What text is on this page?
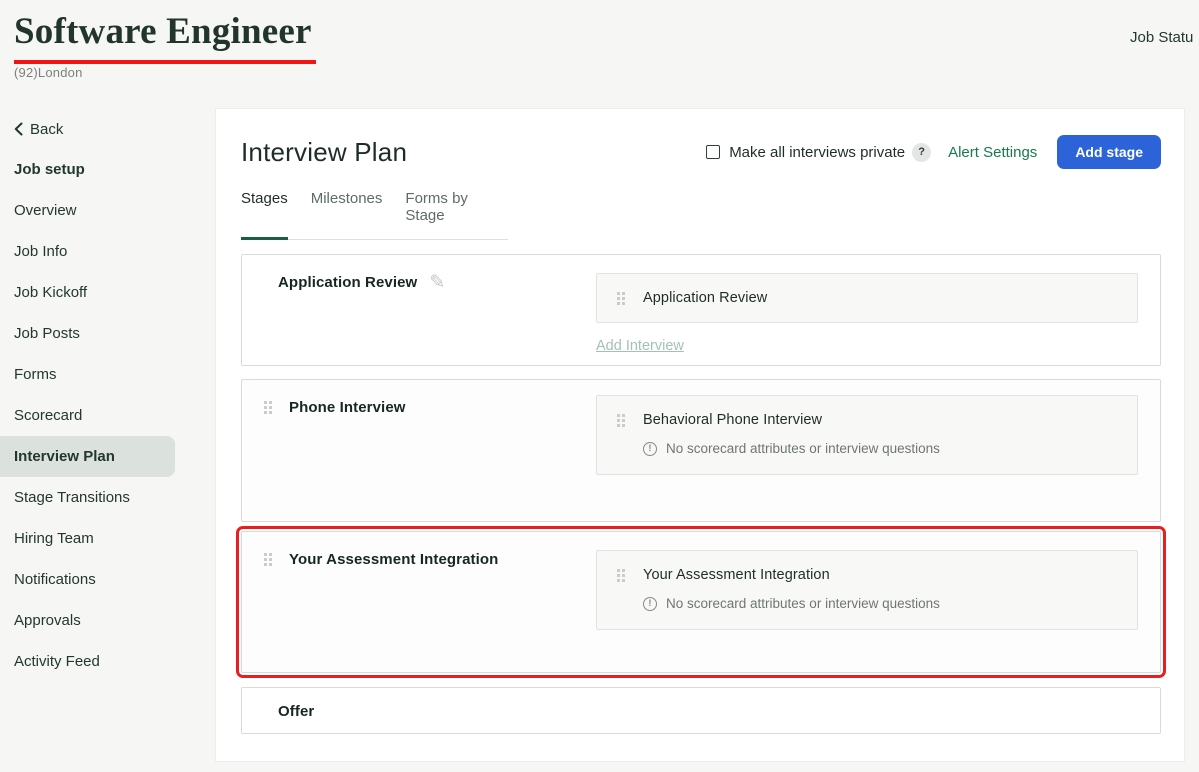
Software Engineer
(92)London
Job Statu
Back
Job setup
Overview
Job Info
Job Kickoff
Job Posts
Forms
Scorecard
Interview Plan
Stage Transitions
Hiring Team
Notifications
Approvals
Activity Feed
Interview Plan	Make all interviews private	?	Alert Settings	Add stage
Stages Milestones Forms by Stage
Application Review ✎
Application Review
Add Interview
Phone Interview
Behavioral Phone Interview
!	No scorecard attributes or interview questions
Your Assessment Integration
Your Assessment Integration
!	No scorecard attributes or interview questions
Offer
